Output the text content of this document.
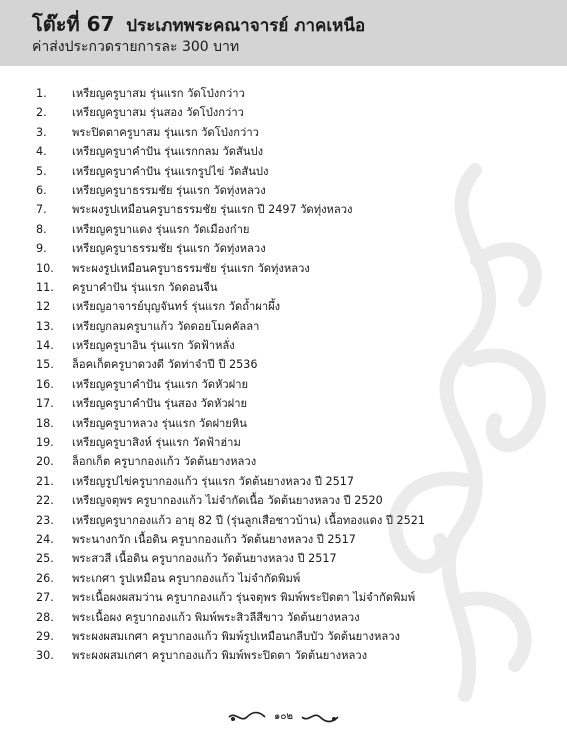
โต๊ะที่ 67 ประเภทพระคณาจารย์ ภาคเหนือ
ค่าส่งประกวดรายการละ 300 บาท
1.	เหรียญครูบาสม รุ่นแรก วัดโป่งกว่าว
2.	เหรียญครูบาสม รุ่นสอง วัดโป่งกว่าว
3.	พระปิดตาครูบาสม รุ่นแรก วัดโป่งกว่าว
4.	เหรียญครูบาคำปัน รุ่นแรกกลม วัดสันปง
5.	เหรียญครูบาคำปัน รุ่นแรกรูปไข่ วัดสันปง
6.	เหรียญครูบาธรรมชัย รุ่นแรก วัดทุ่งหลวง
7.	พระผงรูปเหมือนครูบาธรรมชัย รุ่นแรก ปี 2497 วัดทุ่งหลวง
8.	เหรียญครูบาแดง รุ่นแรก วัดเมืองก๋าย
9.	เหรียญครูบาธรรมชัย รุ่นแรก วัดทุ่งหลวง
10.	พระผงรูปเหมือนครูบาธรรมชัย รุ่นแรก วัดทุ่งหลวง
11.	ครูบาคำปัน รุ่นแรก วัดดอนจืน
12	เหรียญอาจารย์บุญจันทร์ รุ่นแรก วัดถ้ำผาผึ้ง
13.	เหรียญกลมครูบาแก้ว วัดดอยโมคคัลลา
14.	เหรียญครูบาอิน รุ่นแรก วัดฟ้าหลั่ง
15.	ล็อคเก็ตครูบาดวงดี วัดท่าจำปี ปี 2536
16.	เหรียญครูบาคำปัน รุ่นแรก วัดหัวฝาย
17.	เหรียญครูบาคำปัน รุ่นสอง วัดหัวฝาย
18.	เหรียญครูบาหลวง รุ่นแรก วัดฝายหิน
19.	เหรียญครูบาสิงห์ รุ่นแรก วัดฟ้าฮ่าม
20.	ล็อกเก็ต ครูบากองแก้ว วัดต้นยางหลวง
21.	เหรียญรูปไข่ครูบากองแก้ว รุ่นแรก วัดต้นยางหลวง ปี 2517
22.	เหรียญจตุพร ครูบากองแก้ว ไม่จำกัดเนื้อ วัดต้นยางหลวง ปี 2520
23.	เหรียญครูบากองแก้ว อายุ 82 ปี (รุ่นลูกเสือชาวบ้าน) เนื้อทองแดง ปี 2521
24.	พระนางกวัก เนื้อดิน ครูบากองแก้ว วัดต้นยางหลวง ปี 2517
25.	พระสวสี เนื้อดิน ครูบากองแก้ว วัดต้นยางหลวง ปี 2517
26.	พระเกศา รูปเหมือน ครูบากองแก้ว ไม่จำกัดพิมพ์
27.	พระเนื้อผงผสมว่าน ครูบากองแก้ว รุ่นจตุพร พิมพ์พระปิดตา ไม่จำกัดพิมพ์
28.	พระเนื้อผง ครูบากองแก้ว พิมพ์พระสิวลีสีขาว วัดต้นยางหลวง
29.	พระผงผสมเกศา ครูบากองแก้ว พิมพ์รูปเหมือนกลีบบัว วัดต้นยางหลวง
30.	พระผงผสมเกศา ครูบากองแก้ว พิมพ์พระปิดตา วัดต้นยางหลวง
๑๐๒
